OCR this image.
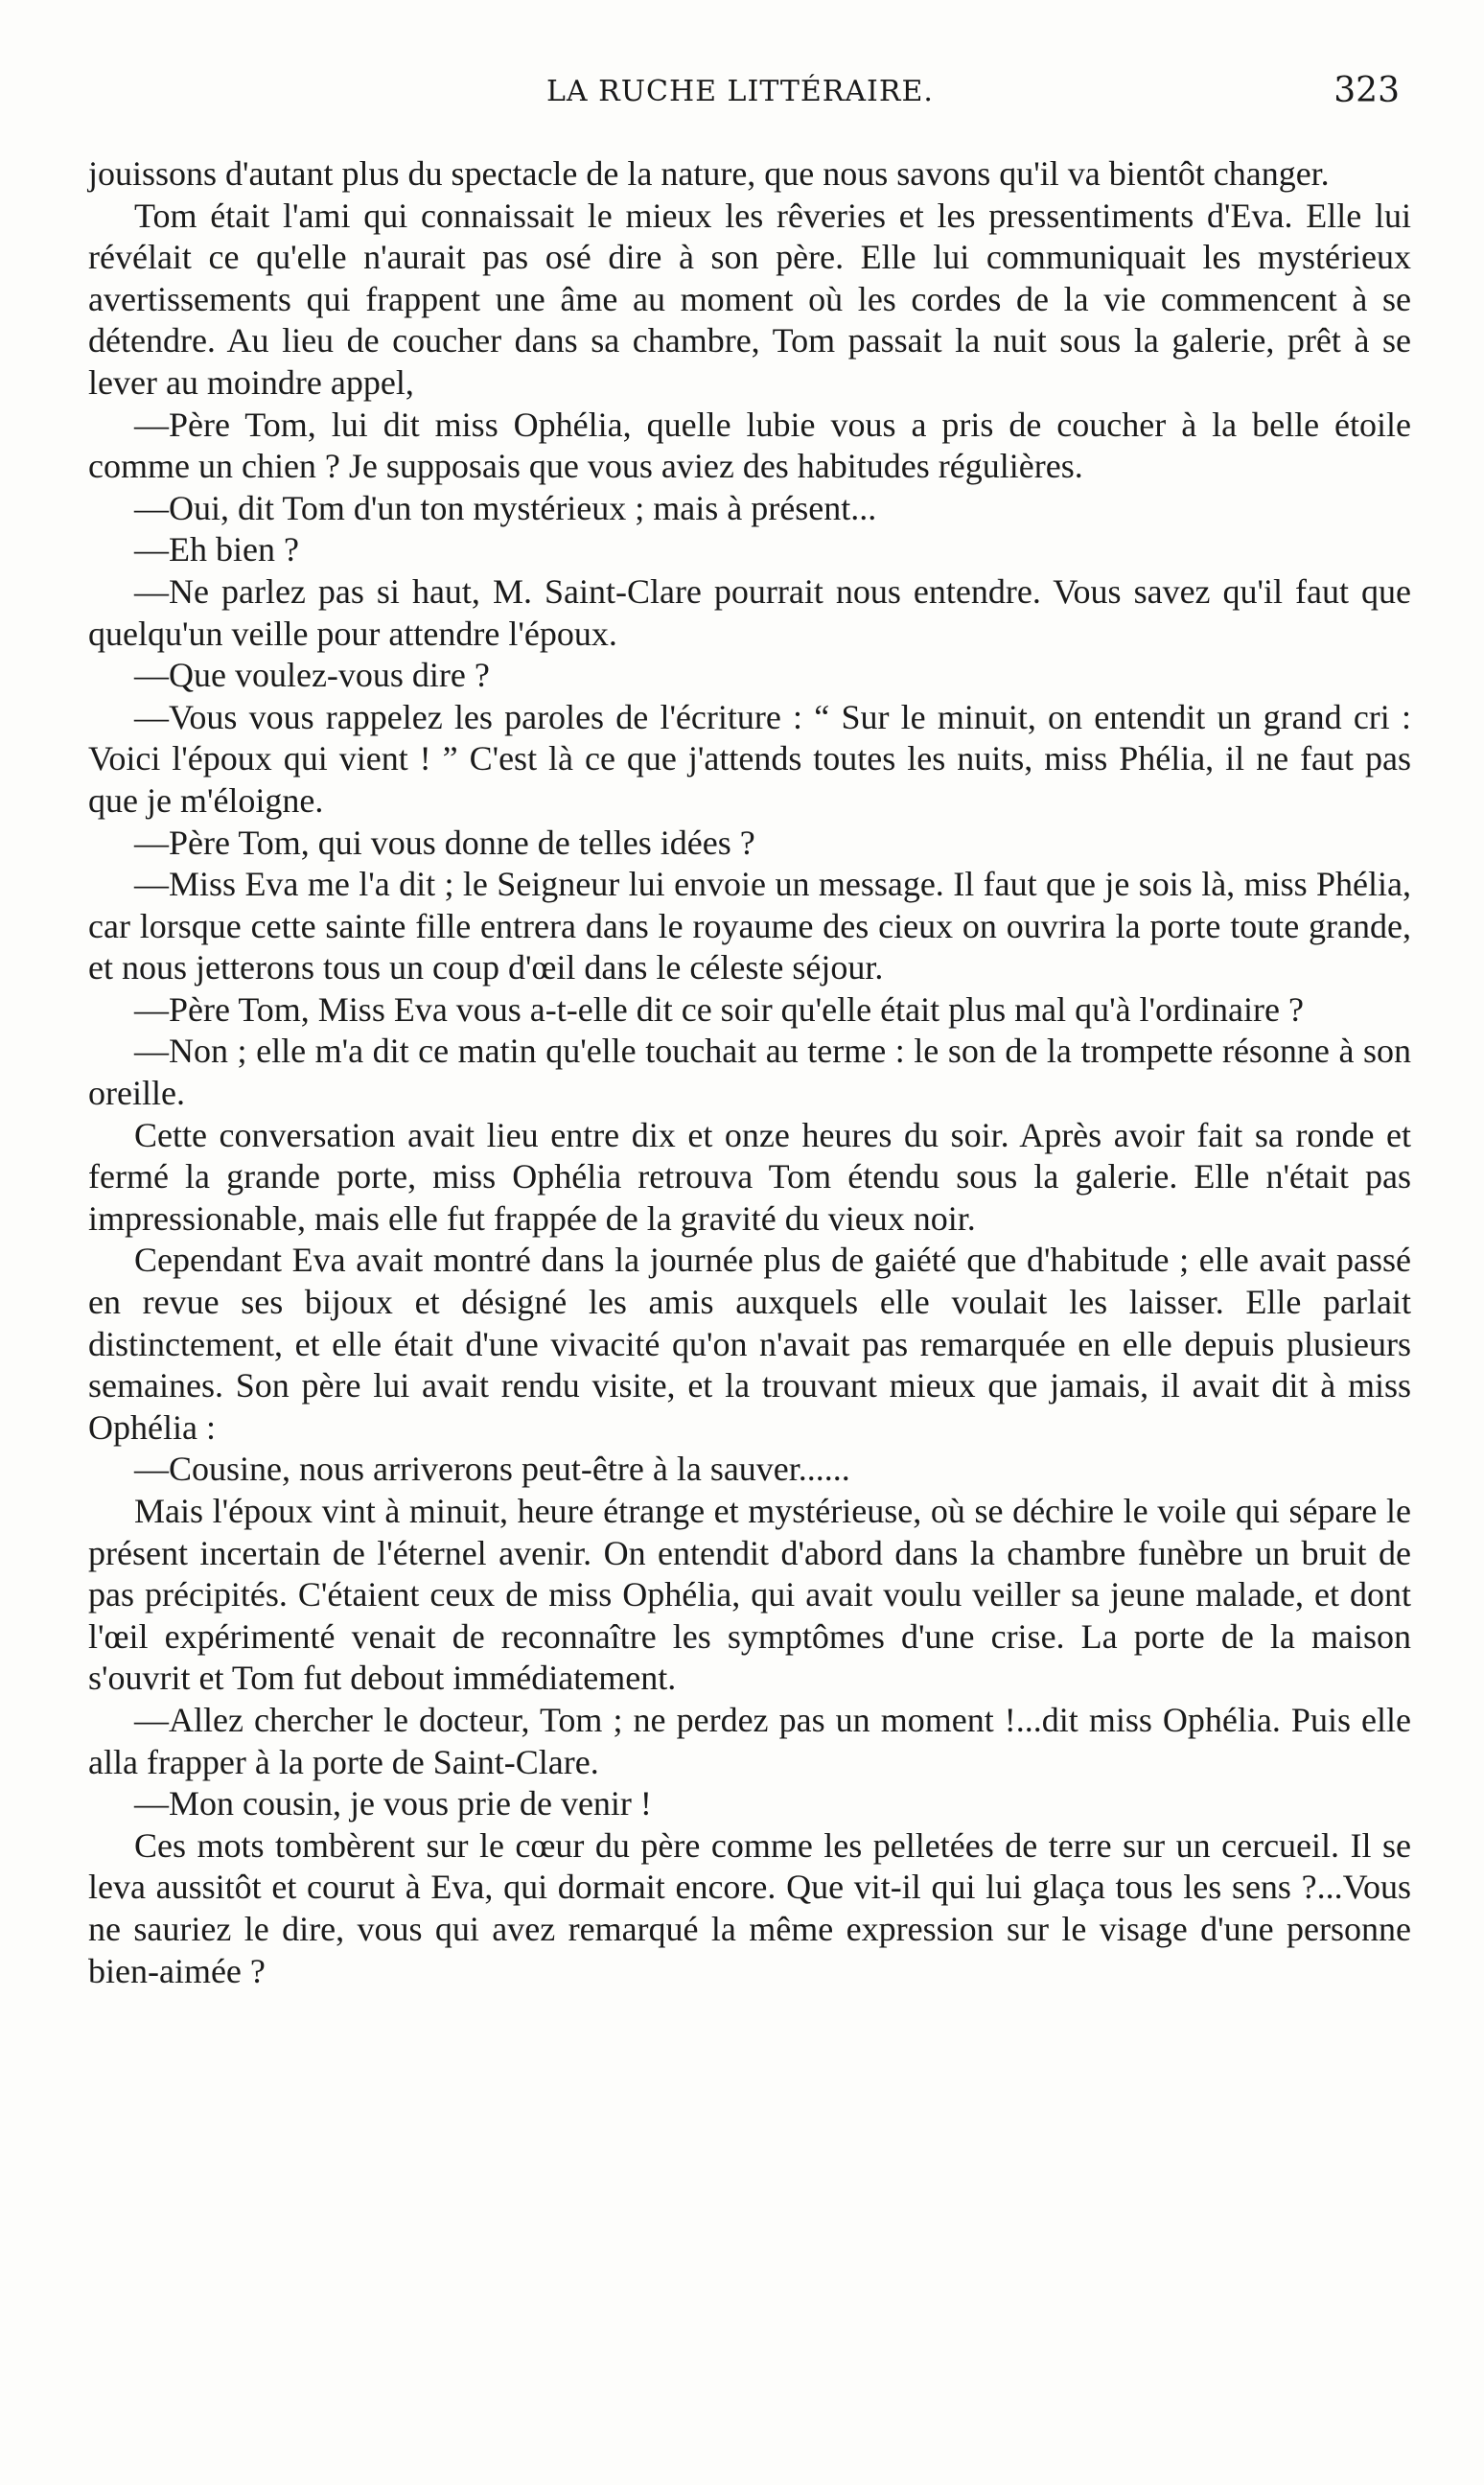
LA RUCHE LITTÉRAIRE.	323

jouissons d'autant plus du spectacle de la nature, que nous savons qu'il va bientôt changer.

Tom était l'ami qui connaissait le mieux les rêveries et les pressentiments d'Eva. Elle lui révélait ce qu'elle n'aurait pas osé dire à son père. Elle lui communiquait les mystérieux avertissements qui frappent une âme au moment où les cordes de la vie commencent à se détendre. Au lieu de coucher dans sa chambre, Tom passait la nuit sous la galerie, prêt à se lever au moindre appel,

—Père Tom, lui dit miss Ophélia, quelle lubie vous a pris de coucher à la belle étoile comme un chien ? Je supposais que vous aviez des habitudes régulières.

—Oui, dit Tom d'un ton mystérieux ; mais à présent...

—Eh bien ?

—Ne parlez pas si haut, M. Saint-Clare pourrait nous entendre. Vous savez qu'il faut que quelqu'un veille pour attendre l'époux.

—Que voulez-vous dire ?

—Vous vous rappelez les paroles de l'écriture : “ Sur le minuit, on entendit un grand cri : Voici l'époux qui vient ! ” C'est là ce que j'attends toutes les nuits, miss Phélia, il ne faut pas que je m'éloigne.

—Père Tom, qui vous donne de telles idées ?

—Miss Eva me l'a dit ; le Seigneur lui envoie un message. Il faut que je sois là, miss Phélia, car lorsque cette sainte fille entrera dans le royaume des cieux on ouvrira la porte toute grande, et nous jetterons tous un coup d'œil dans le céleste séjour.

—Père Tom, Miss Eva vous a-t-elle dit ce soir qu'elle était plus mal qu'à l'ordinaire ?

—Non ; elle m'a dit ce matin qu'elle touchait au terme : le son de la trompette résonne à son oreille.

Cette conversation avait lieu entre dix et onze heures du soir. Après avoir fait sa ronde et fermé la grande porte, miss Ophélia retrouva Tom étendu sous la galerie. Elle n'était pas impressionable, mais elle fut frappée de la gravité du vieux noir.

Cependant Eva avait montré dans la journée plus de gaiété que d'habitude ; elle avait passé en revue ses bijoux et désigné les amis auxquels elle voulait les laisser. Elle parlait distinctement, et elle était d'une vivacité qu'on n'avait pas remarquée en elle depuis plusieurs semaines. Son père lui avait rendu visite, et la trouvant mieux que jamais, il avait dit à miss Ophélia :

—Cousine, nous arriverons peut-être à la sauver......

Mais l'époux vint à minuit, heure étrange et mystérieuse, où se déchire le voile qui sépare le présent incertain de l'éternel avenir. On entendit d'abord dans la chambre funèbre un bruit de pas précipités. C'étaient ceux de miss Ophélia, qui avait voulu veiller sa jeune malade, et dont l'œil expérimenté venait de reconnaître les symptômes d'une crise. La porte de la maison s'ouvrit et Tom fut debout immédiatement.

—Allez chercher le docteur, Tom ; ne perdez pas un moment !...dit miss Ophélia. Puis elle alla frapper à la porte de Saint-Clare.

—Mon cousin, je vous prie de venir !

Ces mots tombèrent sur le cœur du père comme les pelletées de terre sur un cercueil. Il se leva aussitôt et courut à Eva, qui dormait encore. Que vit-il qui lui glaça tous les sens ?...Vous ne sauriez le dire, vous qui avez remarqué la même expression sur le visage d'une personne bien-aimée ?
